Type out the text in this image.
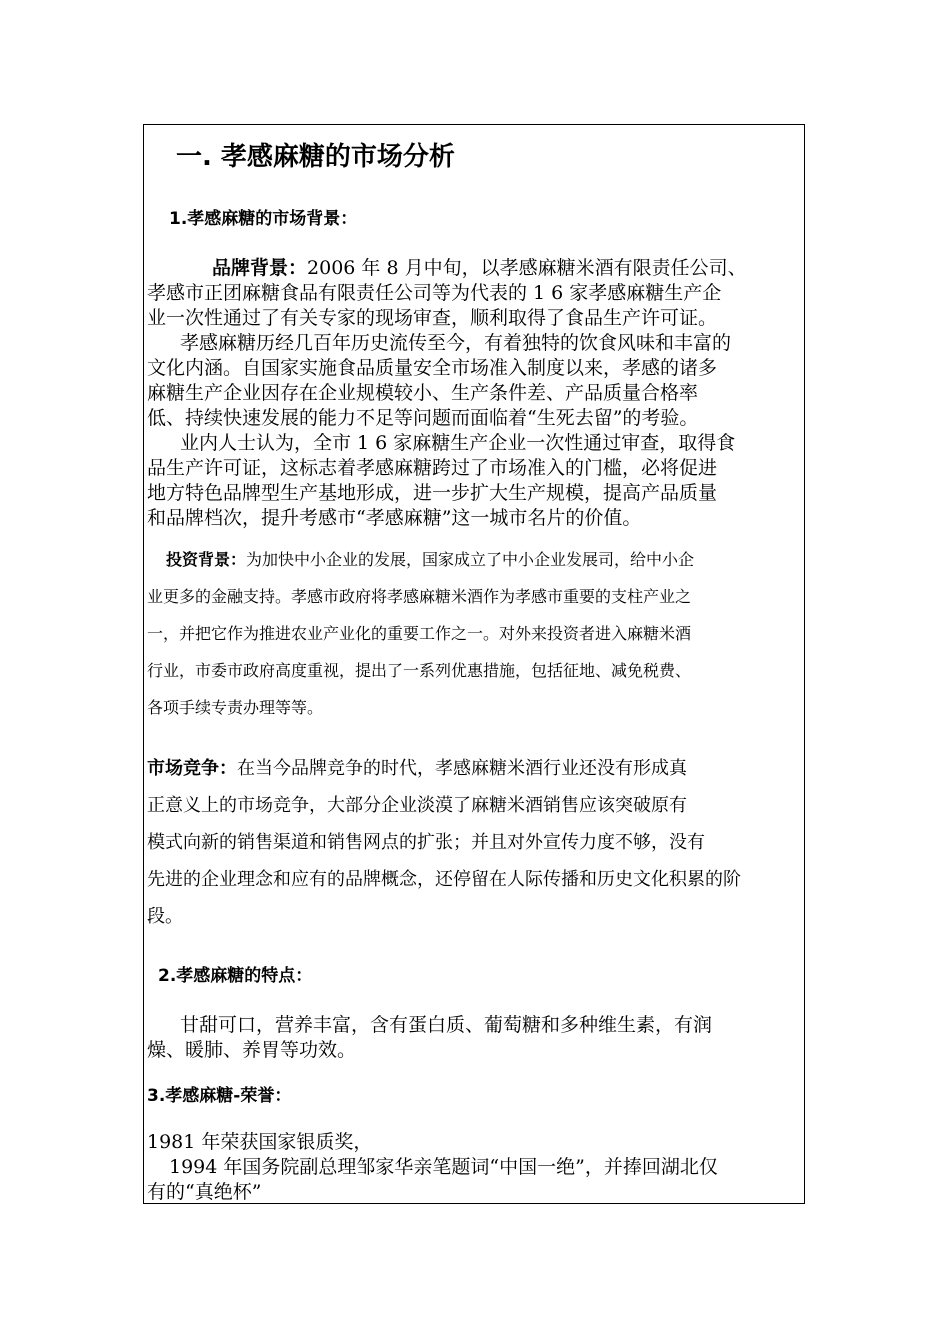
一. 孝感麻糖的市场分析
1.孝感麻糖的市场背景：
品牌背景：2006 年 8 月中旬，以孝感麻糖米酒有限责任公司、
孝感市正团麻糖食品有限责任公司等为代表的 1 6 家孝感麻糖生产企
业一次性通过了有关专家的现场审查，顺利取得了食品生产许可证。
孝感麻糖历经几百年历史流传至今，有着独特的饮食风味和丰富的
文化内涵。自国家实施食品质量安全市场准入制度以来，孝感的诸多
麻糖生产企业因存在企业规模较小、生产条件差、产品质量合格率
低、持续快速发展的能力不足等问题而面临着“生死去留”的考验。
业内人士认为，全市 1 6 家麻糖生产企业一次性通过审查，取得食
品生产许可证，这标志着孝感麻糖跨过了市场准入的门槛，必将促进
地方特色品牌型生产基地形成，进一步扩大生产规模，提高产品质量
和品牌档次，提升考感市“孝感麻糖”这一城市名片的价值。
投资背景：为加快中小企业的发展，国家成立了中小企业发展司，给中小企
业更多的金融支持。孝感市政府将孝感麻糖米酒作为孝感市重要的支柱产业之
一，并把它作为推进农业产业化的重要工作之一。对外来投资者进入麻糖米酒
行业，市委市政府高度重视，提出了一系列优惠措施，包括征地、减免税费、
各项手续专责办理等等。
市场竞争：在当今品牌竞争的时代，孝感麻糖米酒行业还没有形成真
正意义上的市场竞争，大部分企业淡漠了麻糖米酒销售应该突破原有
模式向新的销售渠道和销售网点的扩张；并且对外宣传力度不够，没有
先进的企业理念和应有的品牌概念，还停留在人际传播和历史文化积累的阶
段。
2.孝感麻糖的特点：
甘甜可口，营养丰富，含有蛋白质、葡萄糖和多种维生素，有润
燥、暖肺、养胃等功效。
3.孝感麻糖-荣誉：
1981 年荣获国家银质奖，
1994 年国务院副总理邹家华亲笔题词“中国一绝”，并捧回湖北仅
有的“真绝杯”
